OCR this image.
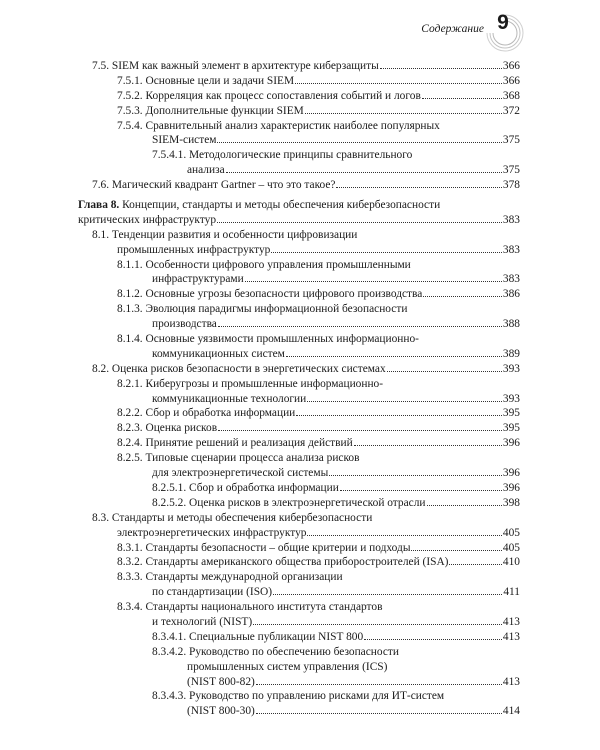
Содержание 9
7.5. SIEM как важный элемент в архитектуре киберзащиты	366
7.5.1. Основные цели и задачи SIEM	366
7.5.2. Корреляция как процесс сопоставления событий и логов	368
7.5.3. Дополнительные функции SIEM	372
7.5.4. Сравнительный анализ характеристик наиболее популярных
SIEM-систем	375
7.5.4.1. Методологические принципы сравнительного
анализа	375
7.6. Магический квадрант Gartner – что это такое?	378
Глава 8.
Концепции, стандарты и методы обеспечения кибербезопасности
критических инфраструктур	383
8.1. Тенденции развития и особенности цифровизации
промышленных инфраструктур	383
8.1.1. Особенности цифрового управления промышленными
инфраструктурами	383
8.1.2. Основные угрозы безопасности цифрового производства	386
8.1.3. Эволюция парадигмы информационной безопасности
производства	388
8.1.4. Основные уязвимости промышленных информационно-
коммуникационных систем	389
8.2. Оценка рисков безопасности в энергетических системах	393
8.2.1. Киберугрозы и промышленные информационно-
коммуникационные технологии	393
8.2.2. Сбор и обработка информации	395
8.2.3. Оценка рисков	395
8.2.4. Принятие решений и реализация действий	396
8.2.5. Типовые сценарии процесса анализа рисков
для электроэнергетической системы	396
8.2.5.1. Сбор и обработка информации	396
8.2.5.2. Оценка рисков в электроэнергетической отрасли	398
8.3. Стандарты и методы обеспечения кибербезопасности
электроэнергетических инфраструктур	405
8.3.1. Стандарты безопасности – общие критерии и подходы	405
8.3.2. Стандарты американского общества приборостроителей (ISA)	410
8.3.3. Стандарты международной организации
по стандартизации (ISO)	411
8.3.4. Стандарты национального института стандартов
и технологий (NIST)	413
8.3.4.1. Специальные публикации NIST 800	413
8.3.4.2. Руководство по обеспечению безопасности
промышленных систем управления (ICS)
(NIST 800-82)	413
8.3.4.3. Руководство по управлению рисками для ИТ-систем
(NIST 800-30)	414
